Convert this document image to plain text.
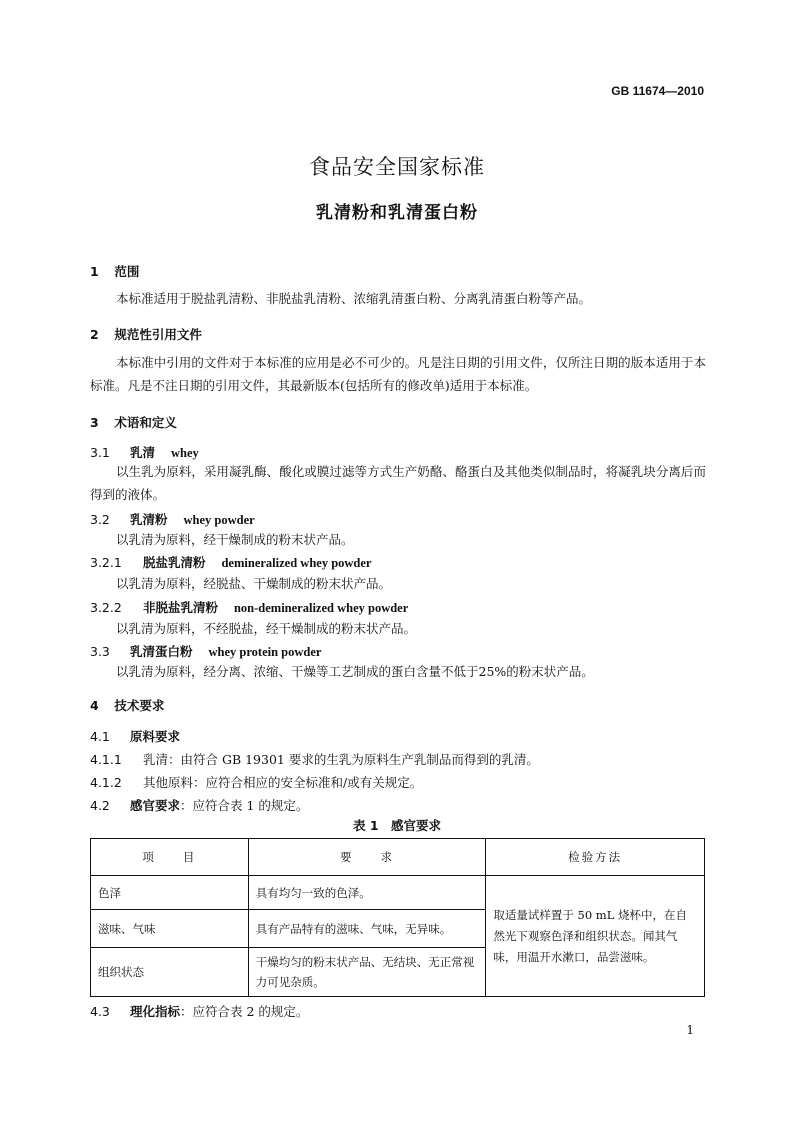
GB 11674—2010
食品安全国家标准
乳清粉和乳清蛋白粉
1 范围
本标准适用于脱盐乳清粉、非脱盐乳清粉、浓缩乳清蛋白粉、分离乳清蛋白粉等产品。
2 规范性引用文件
本标准中引用的文件对于本标准的应用是必不可少的。凡是注日期的引用文件，仅所注日期的版本适用于本标准。凡是不注日期的引用文件，其最新版本(包括所有的修改单)适用于本标准。
3 术语和定义
3.1 乳清 whey
以生乳为原料，采用凝乳酶、酸化或膜过滤等方式生产奶酪、酪蛋白及其他类似制品时，将凝乳块分离后而得到的液体。
3.2 乳清粉 whey powder
以乳清为原料，经干燥制成的粉末状产品。
3.2.1 脱盐乳清粉 demineralized whey powder
以乳清为原料，经脱盐、干燥制成的粉末状产品。
3.2.2 非脱盐乳清粉 non-demineralized whey powder
以乳清为原料，不经脱盐，经干燥制成的粉末状产品。
3.3 乳清蛋白粉 whey protein powder
以乳清为原料，经分离、浓缩、干燥等工艺制成的蛋白含量不低于25%的粉末状产品。
4 技术要求
4.1 原料要求
4.1.1 乳清：由符合 GB 19301 要求的生乳为原料生产乳制品而得到的乳清。
4.1.2 其他原料：应符合相应的安全标准和/或有关规定。
4.2 感官要求：应符合表 1 的规定。
表 1　感官要求
项　　目	要　　求	检验方法
色泽	具有均匀一致的色泽。	取适量试样置于 50 mL 烧杯中，在自然光下观察色泽和组织状态。闻其气味，用温开水漱口，品尝滋味。
滋味、气味	具有产品特有的滋味、气味，无异味。	
组织状态	干燥均匀的粉末状产品、无结块、无正常视力可见杂质。	
4.3 理化指标：应符合表 2 的规定。
1
